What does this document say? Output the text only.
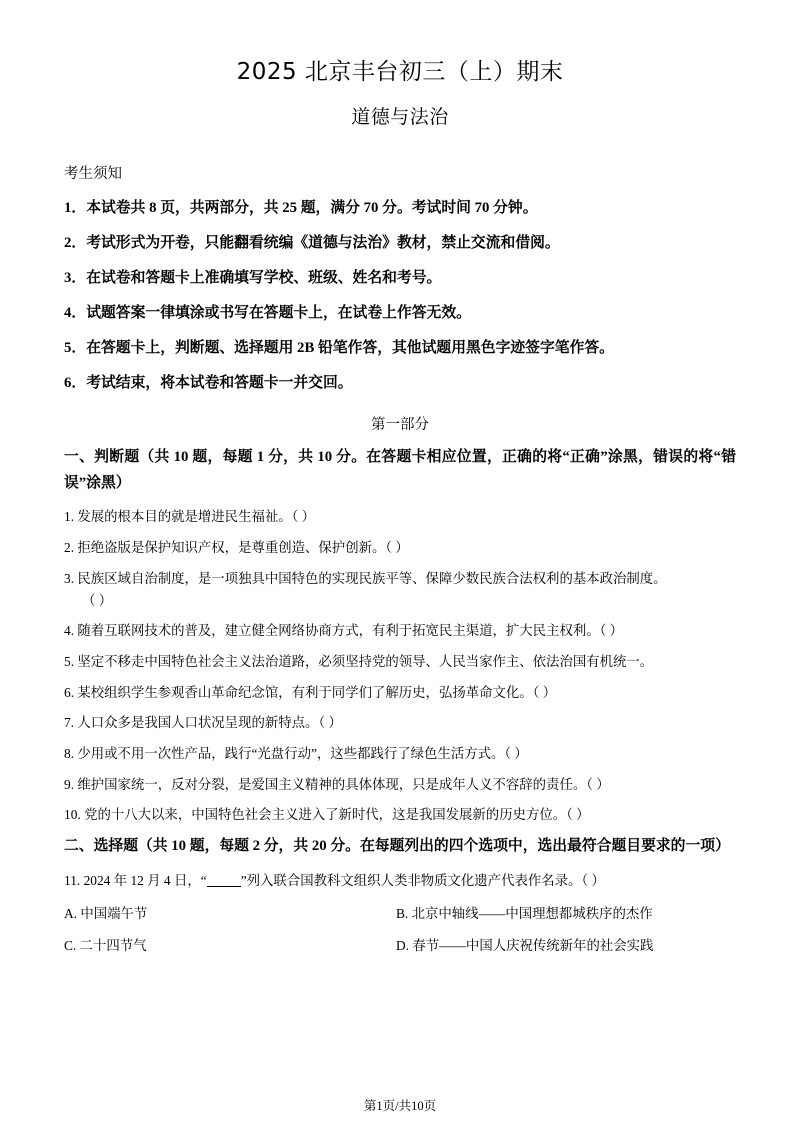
2025 北京丰台初三（上）期末
道德与法治
考生须知
1． 本试卷共 8 页，共两部分，共 25 题，满分 70 分。考试时间 70 分钟。
2． 考试形式为开卷，只能翻看统编《道德与法治》教材，禁止交流和借阅。
3． 在试卷和答题卡上准确填写学校、班级、姓名和考号。
4． 试题答案一律填涂或书写在答题卡上，在试卷上作答无效。
5． 在答题卡上，判断题、选择题用 2B 铅笔作答，其他试题用黑色字迹签字笔作答。
6． 考试结束，将本试卷和答题卡一并交回。
第一部分
一、判断题（共 10 题，每题 1 分，共 10 分。在答题卡相应位置，正确的将“正确”涂黑，错误的将“错误”涂黑）
1. 发展的根本目的就是增进民生福祉。（ ）
2. 拒绝盗版是保护知识产权，是尊重创造、保护创新。（ ）
3. 民族区域自治制度，是一项独具中国特色的实现民族平等、保障少数民族合法权利的基本政治制度。
（ ）
4. 随着互联网技术的普及，建立健全网络协商方式，有利于拓宽民主渠道，扩大民主权利。（ ）
5. 坚定不移走中国特色社会主义法治道路，必须坚持党的领导、人民当家作主、依法治国有机统一。
6. 某校组织学生参观香山革命纪念馆，有利于同学们了解历史，弘扬革命文化。（ ）
7. 人口众多是我国人口状况呈现的新特点。（ ）
8. 少用或不用一次性产品，践行“光盘行动”，这些都践行了绿色生活方式。（ ）
9. 维护国家统一，反对分裂，是爱国主义精神的具体体现，只是成年人义不容辞的责任。（ ）
10. 党的十八大以来，中国特色社会主义进入了新时代，这是我国发展新的历史方位。（ ）
二、选择题（共 10 题，每题 2 分，共 20 分。在每题列出的四个选项中，选出最符合题目要求的一项）
11. 2024 年 12 月 4 日，“	”列入联合国教科文组织人类非物质文化遗产代表作名录。（ ）
A. 中国端午节	B. 北京中轴线——中国理想都城秩序的杰作
C. 二十四节气	D. 春节——中国人庆祝传统新年的社会实践
第1页/共10页
